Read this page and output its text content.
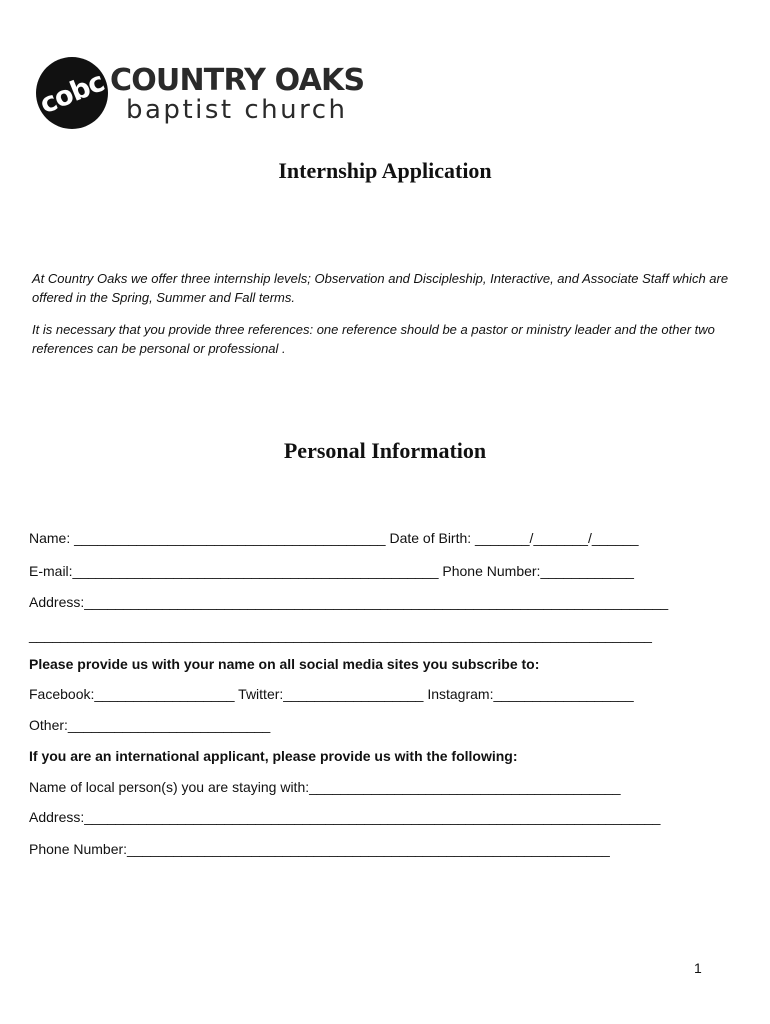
cobc COUNTRY OAKS
baptist church
Internship Application

At Country Oaks we offer three internship levels; Observation and Discipleship, Interactive, and Associate Staff which are offered in the Spring, Summer and Fall terms.

It is necessary that you provide three references: one reference should be a pastor or ministry leader and the other two references can be personal or professional .

Personal Information

Name: ________________________________________ Date of Birth: _______/_______/______

E-mail:_______________________________________________ Phone Number:____________

Address:___________________________________________________________________________

________________________________________________________________________________

Please provide us with your name on all social media sites you subscribe to:

Facebook:__________________ Twitter:__________________ Instagram:__________________

Other:__________________________

If you are an international applicant, please provide us with the following:

Name of local person(s) you are staying with:________________________________________

Address:__________________________________________________________________________

Phone Number:______________________________________________________________

1
